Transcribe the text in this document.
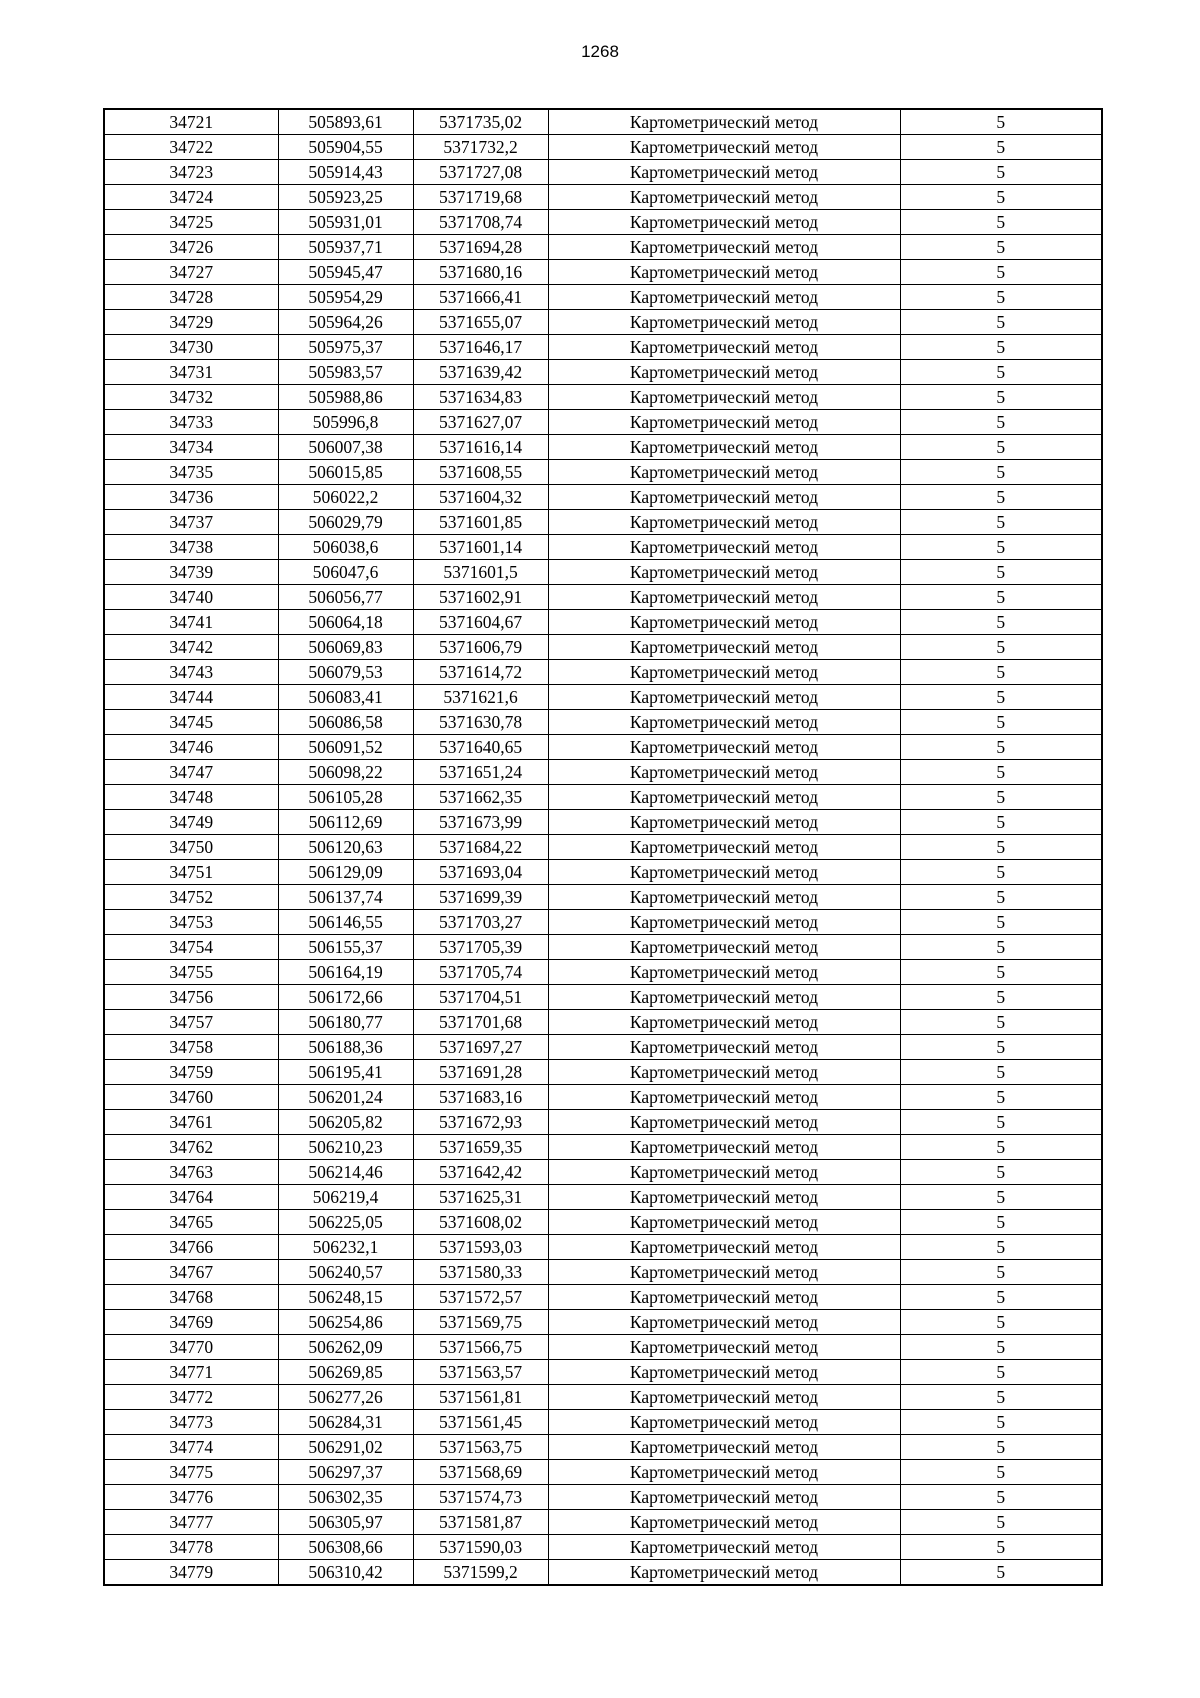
1268
34721	505893,61	5371735,02	Картометрический метод	5
34722	505904,55	5371732,2	Картометрический метод	5
34723	505914,43	5371727,08	Картометрический метод	5
34724	505923,25	5371719,68	Картометрический метод	5
34725	505931,01	5371708,74	Картометрический метод	5
34726	505937,71	5371694,28	Картометрический метод	5
34727	505945,47	5371680,16	Картометрический метод	5
34728	505954,29	5371666,41	Картометрический метод	5
34729	505964,26	5371655,07	Картометрический метод	5
34730	505975,37	5371646,17	Картометрический метод	5
34731	505983,57	5371639,42	Картометрический метод	5
34732	505988,86	5371634,83	Картометрический метод	5
34733	505996,8	5371627,07	Картометрический метод	5
34734	506007,38	5371616,14	Картометрический метод	5
34735	506015,85	5371608,55	Картометрический метод	5
34736	506022,2	5371604,32	Картометрический метод	5
34737	506029,79	5371601,85	Картометрический метод	5
34738	506038,6	5371601,14	Картометрический метод	5
34739	506047,6	5371601,5	Картометрический метод	5
34740	506056,77	5371602,91	Картометрический метод	5
34741	506064,18	5371604,67	Картометрический метод	5
34742	506069,83	5371606,79	Картометрический метод	5
34743	506079,53	5371614,72	Картометрический метод	5
34744	506083,41	5371621,6	Картометрический метод	5
34745	506086,58	5371630,78	Картометрический метод	5
34746	506091,52	5371640,65	Картометрический метод	5
34747	506098,22	5371651,24	Картометрический метод	5
34748	506105,28	5371662,35	Картометрический метод	5
34749	506112,69	5371673,99	Картометрический метод	5
34750	506120,63	5371684,22	Картометрический метод	5
34751	506129,09	5371693,04	Картометрический метод	5
34752	506137,74	5371699,39	Картометрический метод	5
34753	506146,55	5371703,27	Картометрический метод	5
34754	506155,37	5371705,39	Картометрический метод	5
34755	506164,19	5371705,74	Картометрический метод	5
34756	506172,66	5371704,51	Картометрический метод	5
34757	506180,77	5371701,68	Картометрический метод	5
34758	506188,36	5371697,27	Картометрический метод	5
34759	506195,41	5371691,28	Картометрический метод	5
34760	506201,24	5371683,16	Картометрический метод	5
34761	506205,82	5371672,93	Картометрический метод	5
34762	506210,23	5371659,35	Картометрический метод	5
34763	506214,46	5371642,42	Картометрический метод	5
34764	506219,4	5371625,31	Картометрический метод	5
34765	506225,05	5371608,02	Картометрический метод	5
34766	506232,1	5371593,03	Картометрический метод	5
34767	506240,57	5371580,33	Картометрический метод	5
34768	506248,15	5371572,57	Картометрический метод	5
34769	506254,86	5371569,75	Картометрический метод	5
34770	506262,09	5371566,75	Картометрический метод	5
34771	506269,85	5371563,57	Картометрический метод	5
34772	506277,26	5371561,81	Картометрический метод	5
34773	506284,31	5371561,45	Картометрический метод	5
34774	506291,02	5371563,75	Картометрический метод	5
34775	506297,37	5371568,69	Картометрический метод	5
34776	506302,35	5371574,73	Картометрический метод	5
34777	506305,97	5371581,87	Картометрический метод	5
34778	506308,66	5371590,03	Картометрический метод	5
34779	506310,42	5371599,2	Картометрический метод	5
